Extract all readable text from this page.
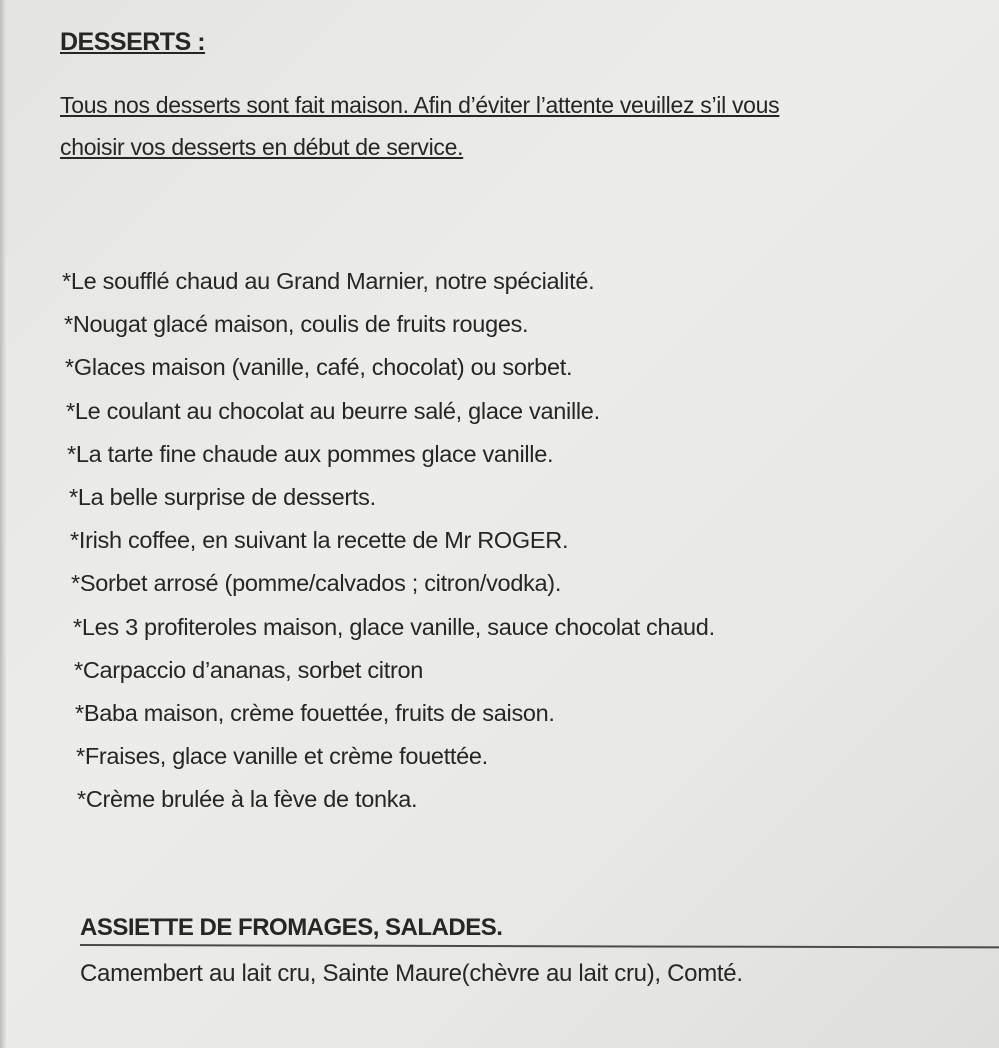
DESSERTS :
Tous nos desserts sont fait maison. Afin d’éviter l’attente veuillez s’il vous
choisir vos desserts en début de service.
*Le soufflé chaud au Grand Marnier, notre spécialité.
*Nougat glacé maison, coulis de fruits rouges.
*Glaces maison (vanille, café, chocolat) ou sorbet.
*Le coulant au chocolat au beurre salé, glace vanille.
*La tarte fine chaude aux pommes glace vanille.
*La belle surprise de desserts.
*Irish coffee, en suivant la recette de Mr ROGER.
*Sorbet arrosé (pomme/calvados ; citron/vodka).
*Les 3 profiteroles maison, glace vanille, sauce chocolat chaud.
*Carpaccio d’ananas, sorbet citron
*Baba maison, crème fouettée, fruits de saison.
*Fraises, glace vanille et crème fouettée.
*Crème brulée à la fève de tonka.
ASSIETTE DE FROMAGES, SALADES.
Camembert au lait cru, Sainte Maure(chèvre au lait cru), Comté.
